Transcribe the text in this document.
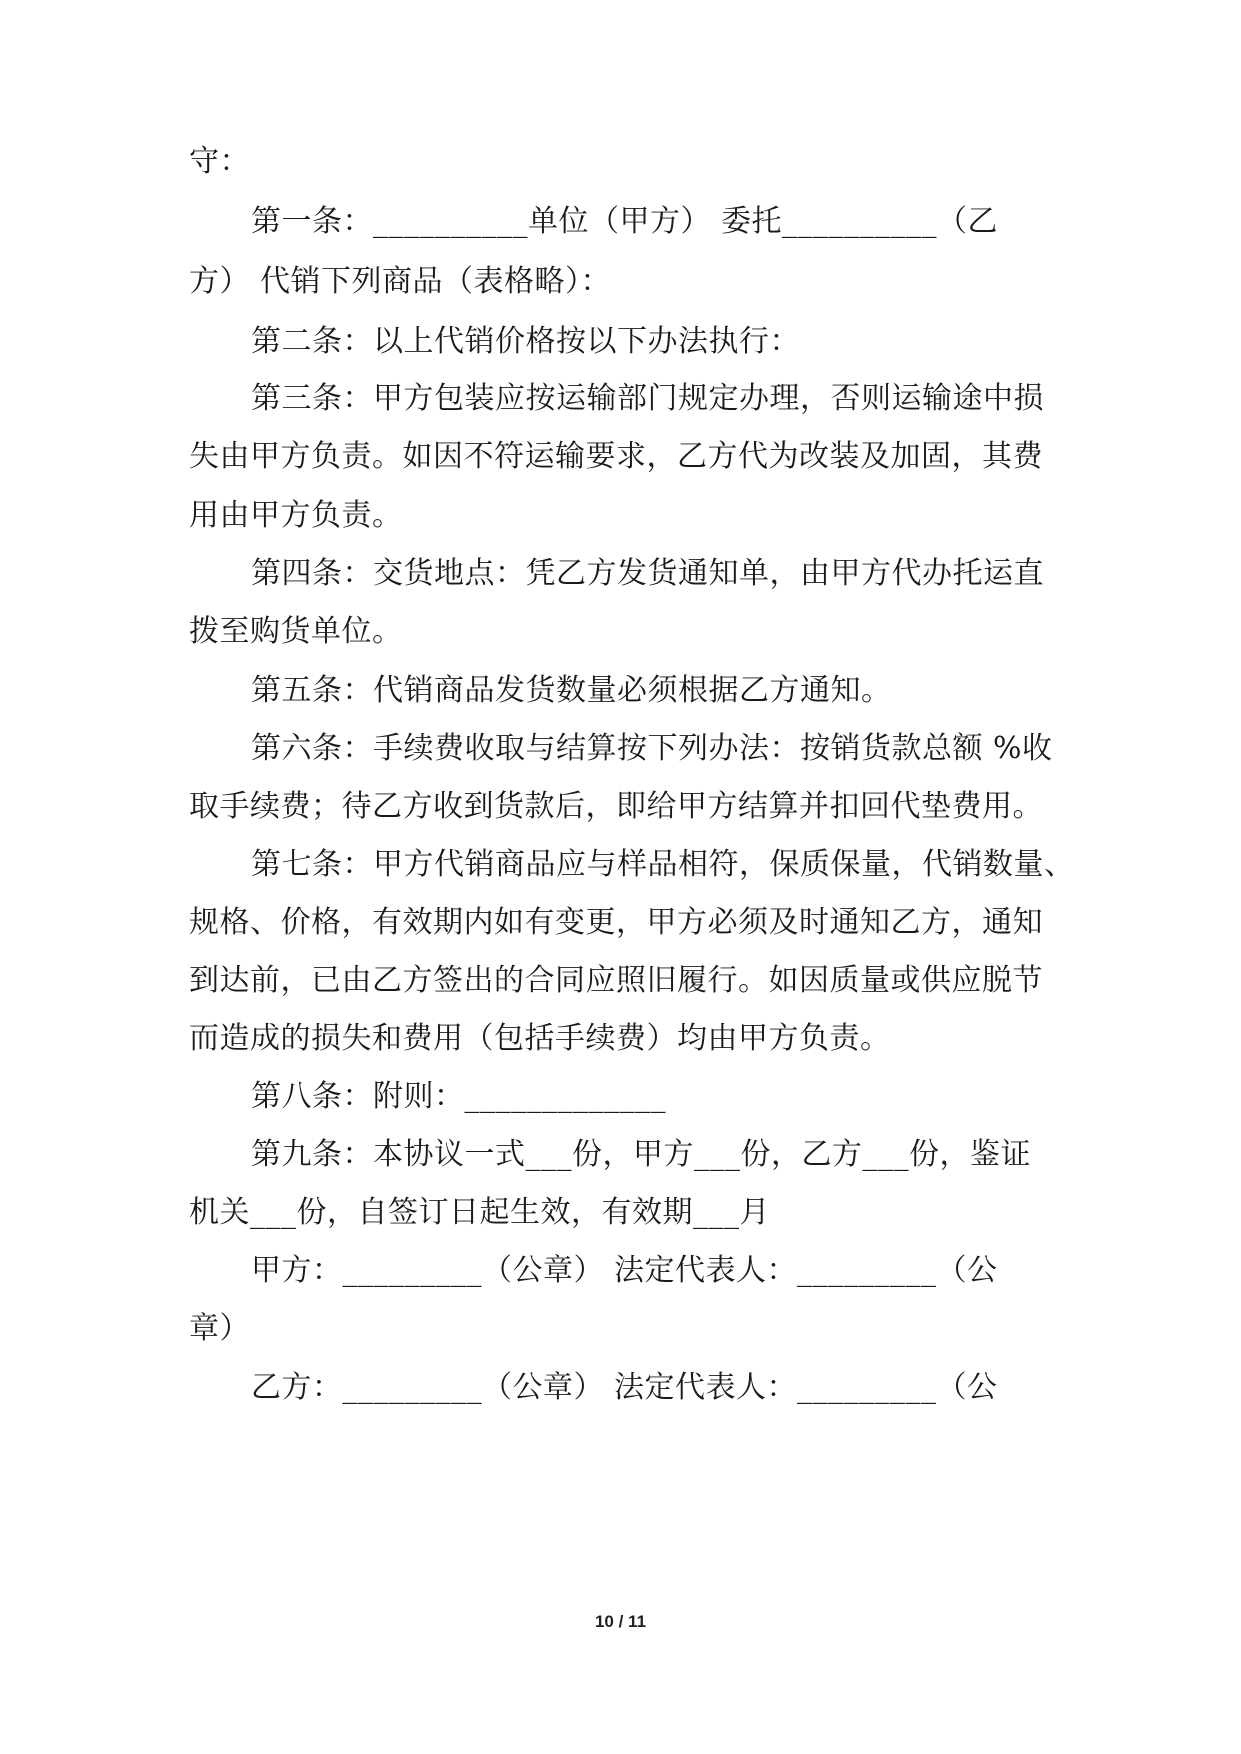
守：
第一条：__________单位（甲方） 委托__________（乙
方） 代销下列商品（表格略）：
第二条：以上代销价格按以下办法执行：
第三条：甲方包装应按运输部门规定办理，否则运输途中损
失由甲方负责。如因不符运输要求，乙方代为改装及加固，其费
用由甲方负责。
第四条：交货地点：凭乙方发货通知单，由甲方代办托运直
拨至购货单位。
第五条：代销商品发货数量必须根据乙方通知。
第六条：手续费收取与结算按下列办法：按销货款总额 %收
取手续费；待乙方收到货款后，即给甲方结算并扣回代垫费用。
第七条：甲方代销商品应与样品相符，保质保量，代销数量、
规格、价格，有效期内如有变更，甲方必须及时通知乙方，通知
到达前，已由乙方签出的合同应照旧履行。如因质量或供应脱节
而造成的损失和费用（包括手续费）均由甲方负责。
第八条：附则：_____________
第九条：本协议一式___份，甲方___份，乙方___份，鉴证
机关___份，自签订日起生效，有效期___月
甲方：_________（公章） 法定代表人：_________（公
章）
乙方：_________（公章） 法定代表人：_________（公
10 / 11
